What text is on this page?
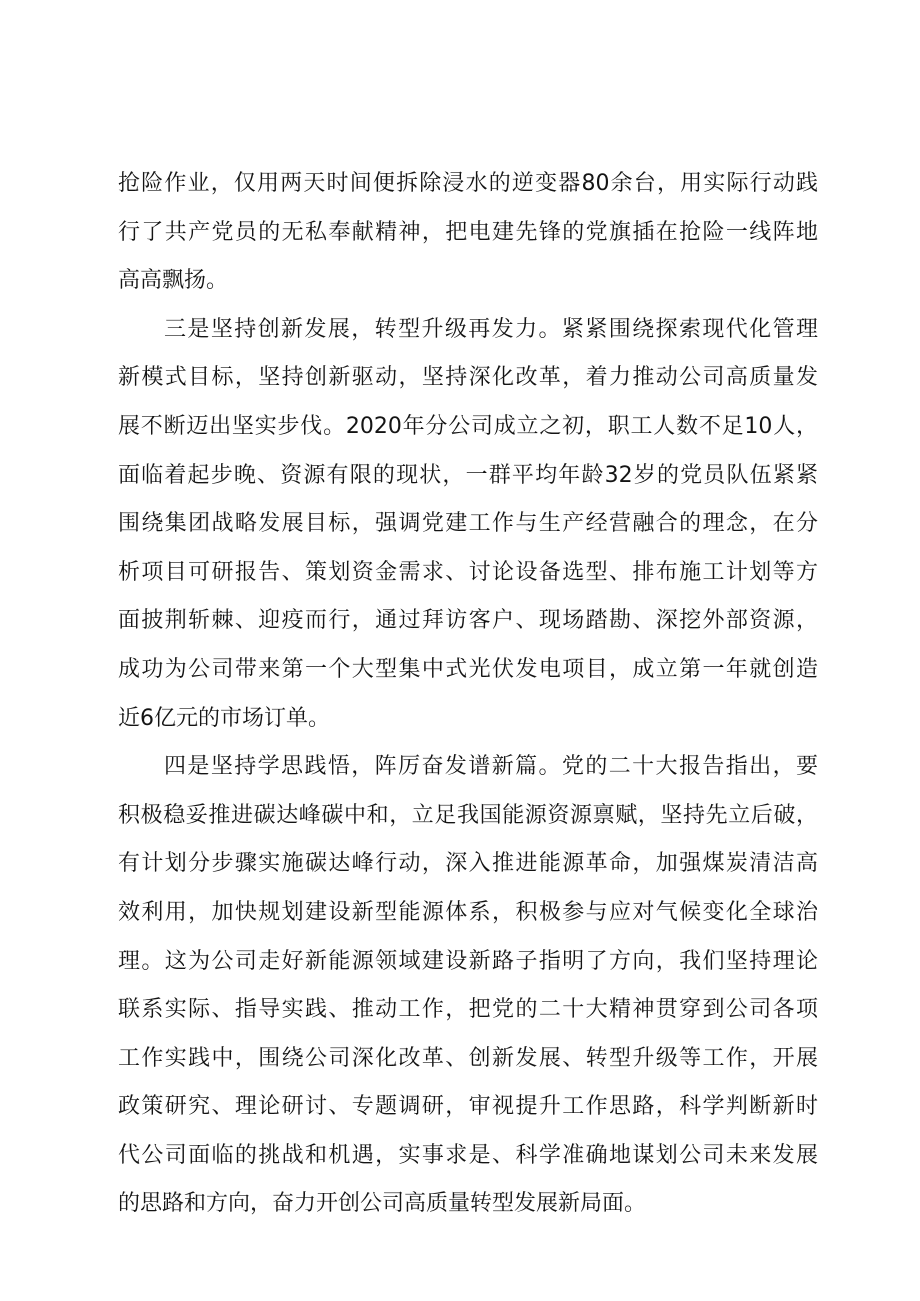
抢险作业，仅用两天时间便拆除浸水的逆变器80余台，用实际行动践
行了共产党员的无私奉献精神，把电建先锋的党旗插在抢险一线阵地
高高飘扬。
三是坚持创新发展，转型升级再发力。紧紧围绕探索现代化管理
新模式目标，坚持创新驱动，坚持深化改革，着力推动公司高质量发
展不断迈出坚实步伐。2020年分公司成立之初，职工人数不足10人，
面临着起步晚、资源有限的现状，一群平均年龄32岁的党员队伍紧紧
围绕集团战略发展目标，强调党建工作与生产经营融合的理念，在分
析项目可研报告、策划资金需求、讨论设备选型、排布施工计划等方
面披荆斩棘、迎疫而行，通过拜访客户、现场踏勘、深挖外部资源，
成功为公司带来第一个大型集中式光伏发电项目，成立第一年就创造
近6亿元的市场订单。
四是坚持学思践悟，阵厉奋发谱新篇。党的二十大报告指出，要
积极稳妥推进碳达峰碳中和，立足我国能源资源禀赋，坚持先立后破，
有计划分步骤实施碳达峰行动，深入推进能源革命，加强煤炭清洁高
效利用，加快规划建设新型能源体系，积极参与应对气候变化全球治
理。这为公司走好新能源领域建设新路子指明了方向，我们坚持理论
联系实际、指导实践、推动工作，把党的二十大精神贯穿到公司各项
工作实践中，围绕公司深化改革、创新发展、转型升级等工作，开展
政策研究、理论研讨、专题调研，审视提升工作思路，科学判断新时
代公司面临的挑战和机遇，实事求是、科学准确地谋划公司未来发展
的思路和方向，奋力开创公司高质量转型发展新局面。
